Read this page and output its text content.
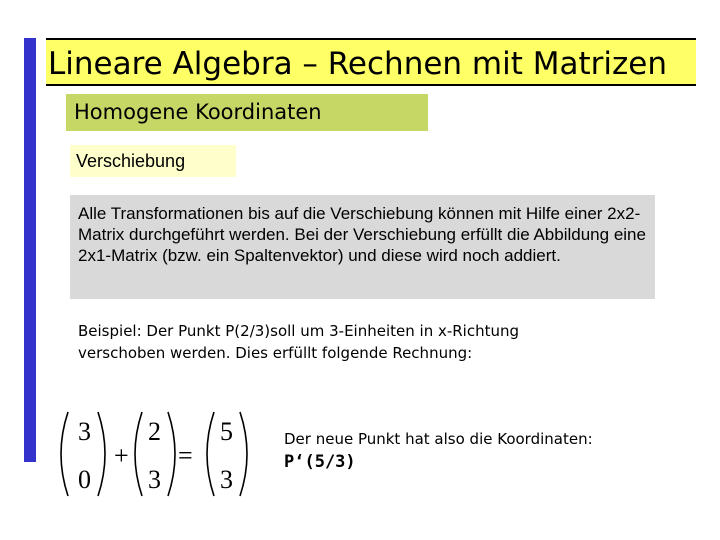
Lineare Algebra – Rechnen mit Matrizen
Homogene Koordinaten
Verschiebung
Alle Transformationen bis auf die Verschiebung können mit Hilfe einer 2x2-Matrix durchgeführt werden. Bei der Verschiebung erfüllt die Abbildung eine 2x1-Matrix (bzw. ein Spaltenvektor) und diese wird noch addiert.
Beispiel: Der Punkt P(2/3)soll um 3-Einheiten in x-Richtung
verschoben werden. Dies erfüllt folgende Rechnung:
3
0
+
2
3
=
5
3
Der neue Punkt hat also die Koordinaten:
P‘(5/3)
